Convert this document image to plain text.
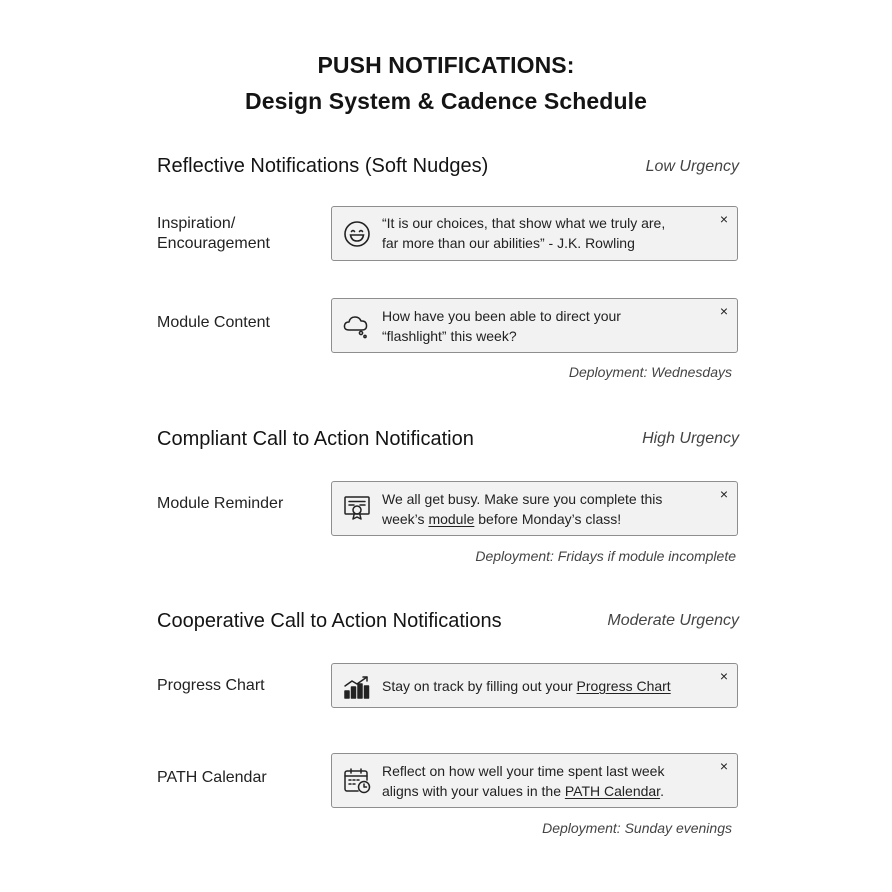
PUSH NOTIFICATIONS:
Design System & Cadence Schedule
Reflective Notifications (Soft Nudges)	Low Urgency
Inspiration/
Encouragement
“It is our choices, that show what we truly are,
far more than our abilities” - J.K. Rowling
×
Module Content	How have you been able to direct your
“flashlight” this week?
×
Deployment: Wednesdays
Compliant Call to Action Notification	High Urgency
Module Reminder	We all get busy. Make sure you complete this
week’s module before Monday’s class!
×
Deployment: Fridays if module incomplete
Cooperative Call to Action Notifications	Moderate Urgency
Progress Chart	Stay on track by filling out your Progress Chart
×
PATH Calendar	Reflect on how well your time spent last week
aligns with your values in the PATH Calendar.
×
Deployment: Sunday evenings
